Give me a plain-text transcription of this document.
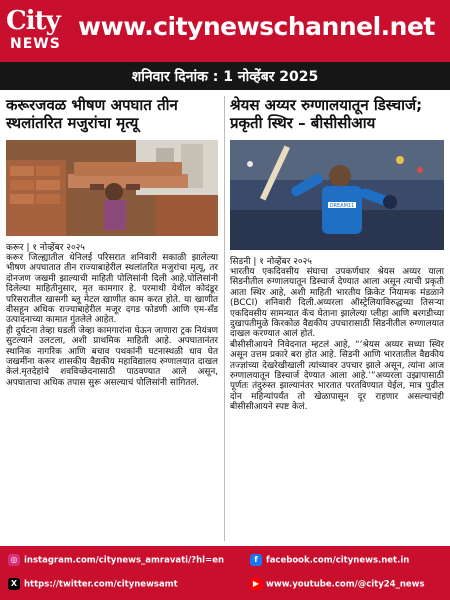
City
NEWS
www.citynewschannel.net
शनिवार दिनांक : 1 नोव्हेंबर 2025
करूरजवळ भीषण अपघात तीन स्थलांतरित मजुरांचा मृत्यू
करूर | १ नोव्हेंबर २०२५
करूर जिल्ह्यातील थेनिलई परिसरात शनिवारी सकाळी झालेल्या भीषण अपघातात तीन राज्याबाहेरील स्थलांतरित मजुरांचा मृत्यू, तर दोनजण जखमी झाल्याची माहिती पोलिसांनी दिली आहे.पोलिसांनी दिलेल्या माहितीनुसार, मृत कामगार हे. परमाथी येथील कोदंडूर परिसरातील खासगी ब्लू मेटल खाणीत काम करत होते. या खाणीत वीसहून अधिक राज्याबाहेरील मजूर दगड फोडणी आणि एम-सँड उत्पादनाच्या कामात गुंतलेले आहेत.
ही दुर्घटना तेव्हा घडली जेव्हा कामगारांना घेऊन जाणारा ट्रक नियंत्रण सुटल्याने उलटला, अशी प्राथमिक माहिती आहे. अपघातानंतर स्थानिक नागरिक आणि बचाव पथकांनी घटनास्थळी धाव घेत जखमींना करूर शासकीय वैद्यकीय महाविद्यालय रुग्णालयात दाखल केलं.मृतदेहांचे शवविच्छेदनासाठी पाठवण्यात आले असून, अपघाताचा अधिक तपास सुरू असल्याचं पोलिसांनी सांगितलं.
श्रेयस अय्यर रुग्णालयातून डिस्चार्ज; प्रकृती स्थिर – बीसीसीआय
DREAM11
सिडनी | १ नोव्हेंबर २०२५
भारतीय एकदिवसीय संघाचा उपकर्णधार श्रेयस अय्यर याला सिडनीतील रुग्णालयातून डिस्चार्ज देण्यात आला असून त्याची प्रकृती आता स्थिर आहे, अशी माहिती भारतीय क्रिकेट नियामक मंडळाने (BCCI) शनिवारी दिली.अय्यरला ऑस्ट्रेलियाविरुद्धच्या तिसऱ्या एकदिवसीय सामन्यात कॅच घेताना झालेल्या प्लीहा आणि बरगडीच्या दुखापतीमुळे किरकोळ वैद्यकीय उपचारासाठी सिडनीतील रुग्णालयात दाखल करण्यात आलं होतं.
बीसीसीआयने निवेदनात म्हटलं आहे, “‘श्रेयस अय्यर सध्या स्थिर असून उत्तम प्रकारे बरा होत आहे. सिडनी आणि भारतातील वैद्यकीय तज्ज्ञांच्या देखरेखीखाली त्यांच्यावर उपचार झाले असून, त्यांना आज रुग्णालयातून डिस्चार्ज देण्यात आला आहे.’”अय्यरला उझ्रापासाठी पूर्णतः तंदुरुस्त झाल्यानंतर भारतात परतविण्यात येईल, मात्र पुढील दोन महिन्यांपर्यंत तो खेळापासून दूर राहणार असल्याचंही बीसीसीआयने स्पष्ट केलं.
◎ instagram.com/citynews_amravati/?hl=en	f facebook.com/citynews.net.in
X https://twitter.com/citynewsamt	▶ www.youtube.com/@city24_news
